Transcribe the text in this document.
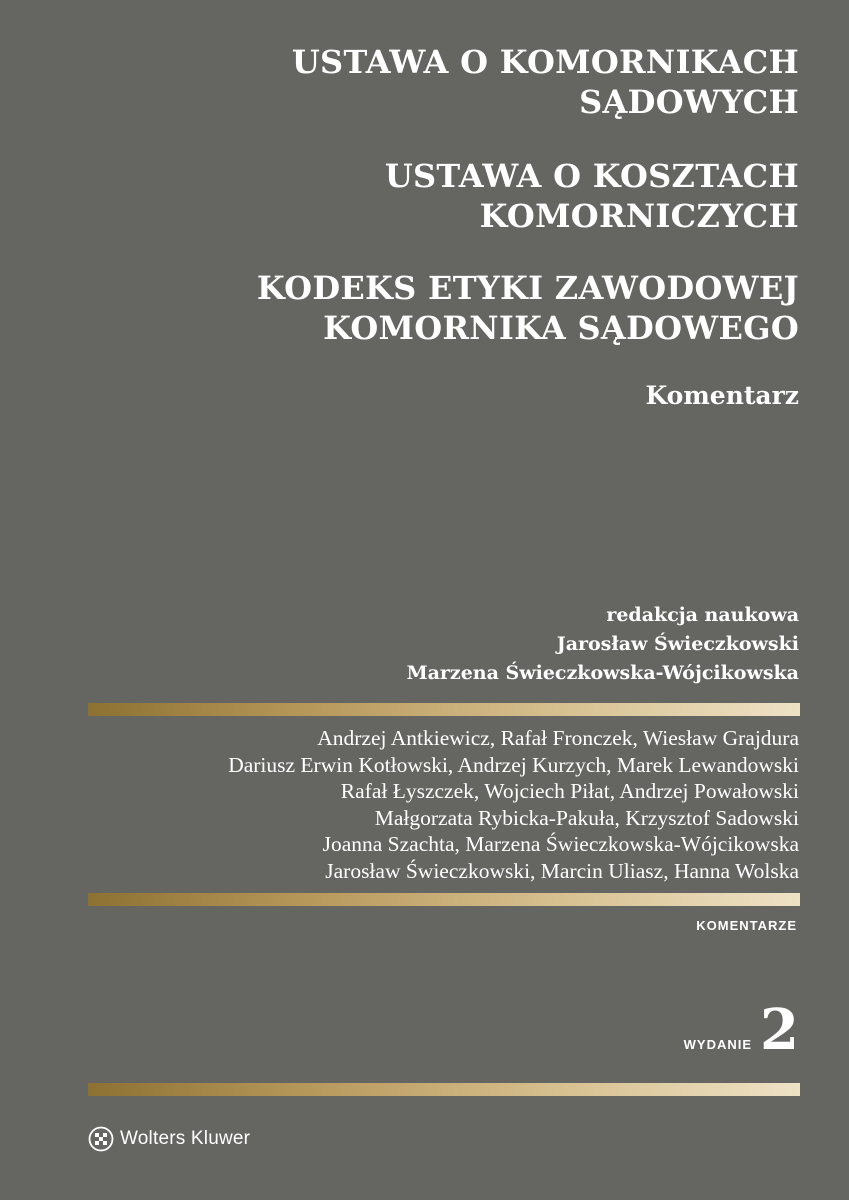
USTAWA O KOMORNIKACH
SĄDOWYCH
USTAWA O KOSZTACH
KOMORNICZYCH
KODEKS ETYKI ZAWODOWEJ
KOMORNIKA SĄDOWEGO
Komentarz
redakcja naukowa
Jarosław Świeczkowski
Marzena Świeczkowska-Wójcikowska
Andrzej Antkiewicz, Rafał Fronczek, Wiesław Grajdura
Dariusz Erwin Kotłowski, Andrzej Kurzych, Marek Lewandowski
Rafał Łyszczek, Wojciech Piłat, Andrzej Powałowski
Małgorzata Rybicka-Pakuła, Krzysztof Sadowski
Joanna Szachta, Marzena Świeczkowska-Wójcikowska
Jarosław Świeczkowski, Marcin Uliasz, Hanna Wolska
KOMENTARZE
WYDANIE 2
Wolters Kluwer
